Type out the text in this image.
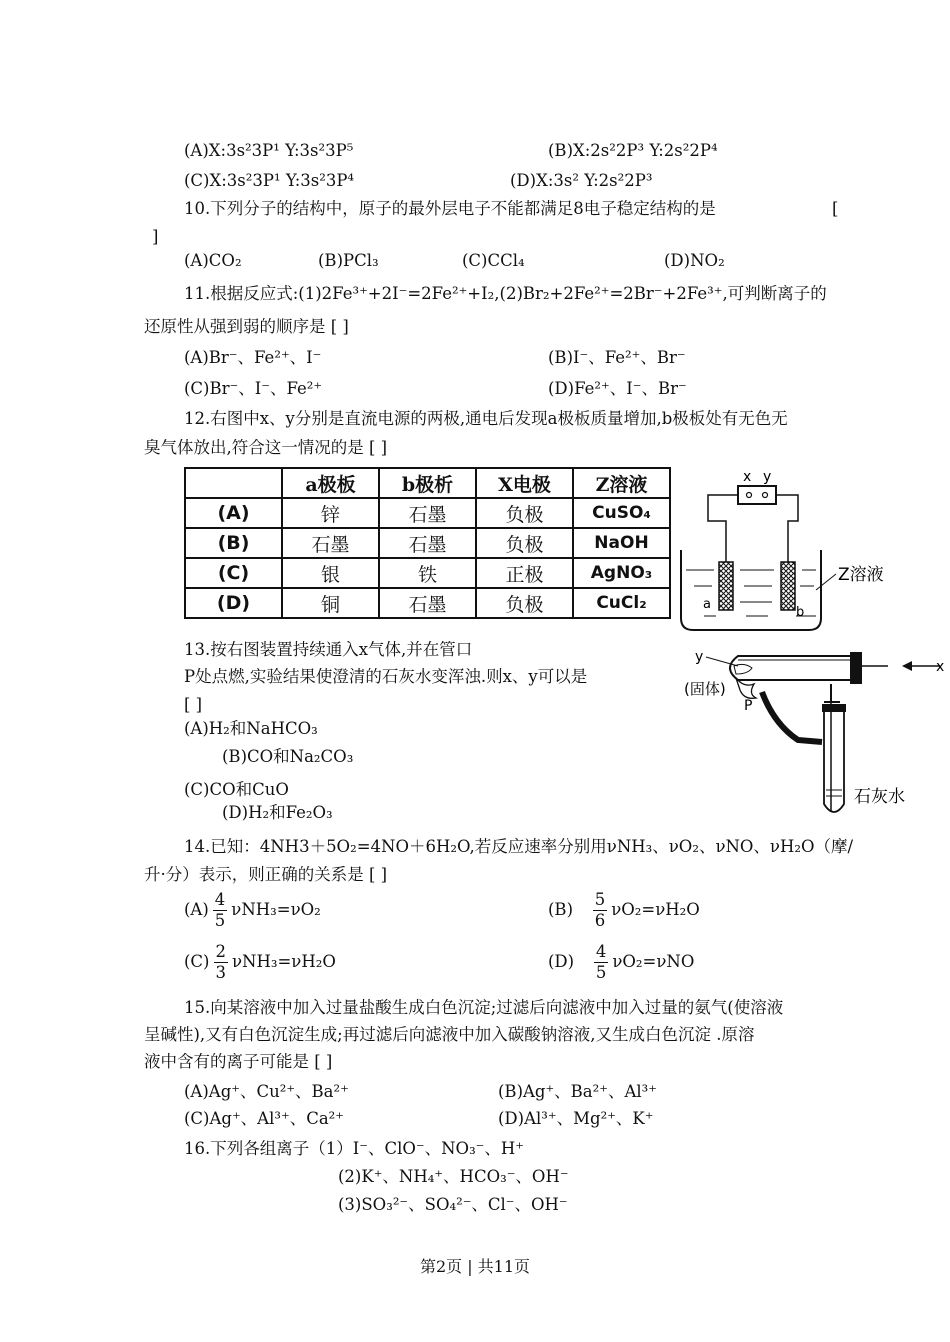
(A)X:3s²3P¹ Y:3s²3P⁵	(B)X:2s²2P³ Y:2s²2P⁴
(C)X:3s²3P¹ Y:3s²3P⁴	(D)X:3s² Y:2s²2P³
10.下列分子的结构中，原子的最外层电子不能都满足8电子稳定结构的是	[
]
(A)CO₂	(B)PCl₃	(C)CCl₄	(D)NO₂
11.根据反应式:(1)2Fe³⁺+2I⁻=2Fe²⁺+I₂,(2)Br₂+2Fe²⁺=2Br⁻+2Fe³⁺,可判断离子的
还原性从强到弱的顺序是 [ ]
(A)Br⁻、Fe²⁺、I⁻	(B)I⁻、Fe²⁺、Br⁻
(C)Br⁻、I⁻、Fe²⁺	(D)Fe²⁺、I⁻、Br⁻
12.右图中x、y分别是直流电源的两极,通电后发现a极板质量增加,b极板处有无色无
臭气体放出,符合这一情况的是 [ ]
	a极板	b极析	X电极	Z溶液
(A)	锌	石墨	负极	CuSO₄
(B)	石墨	石墨	负极	NaOH
(C)	银	铁	正极	AgNO₃
(D)	铜	石墨	负极	CuCl₂
x y
a
b
Z溶液
13.按右图装置持续通入x气体,并在管口
P处点燃,实验结果使澄清的石灰水变浑浊.则x、y可以是
[ ]
(A)H₂和NaHCO₃
(B)CO和Na₂CO₃
(C)CO和CuO
(D)H₂和Fe₂O₃
y
x
(固体)
P
石灰水
14.已知：4NH3＋5O₂=4NO＋6H₂O,若反应速率分别用νNH₃、νO₂、νNO、νH₂O（摩/
升·分）表示，则正确的关系是 [ ]
$(A) \frac{4}{5} \nu NH_3=\nu O_2$	$(B) \frac{5}{6} \nu O_2=\nu H_2O$
$(C) \frac{2}{3} \nu NH_3=\nu H_2O$	$(D) \frac{4}{5} \nu O_2=\nu NO$
15.向某溶液中加入过量盐酸生成白色沉淀;过滤后向滤液中加入过量的氨气(使溶液
呈碱性),又有白色沉淀生成;再过滤后向滤液中加入碳酸钠溶液,又生成白色沉淀 .原溶
液中含有的离子可能是 [ ]
(A)Ag⁺、Cu²⁺、Ba²⁺	(B)Ag⁺、Ba²⁺、Al³⁺
(C)Ag⁺、Al³⁺、Ca²⁺	(D)Al³⁺、Mg²⁺、K⁺
16.下列各组离子（1）I⁻、ClO⁻、NO₃⁻、H⁺
(2)K⁺、NH₄⁺、HCO₃⁻、OH⁻
(3)SO₃²⁻、SO₄²⁻、Cl⁻、OH⁻
第2页 | 共11页
